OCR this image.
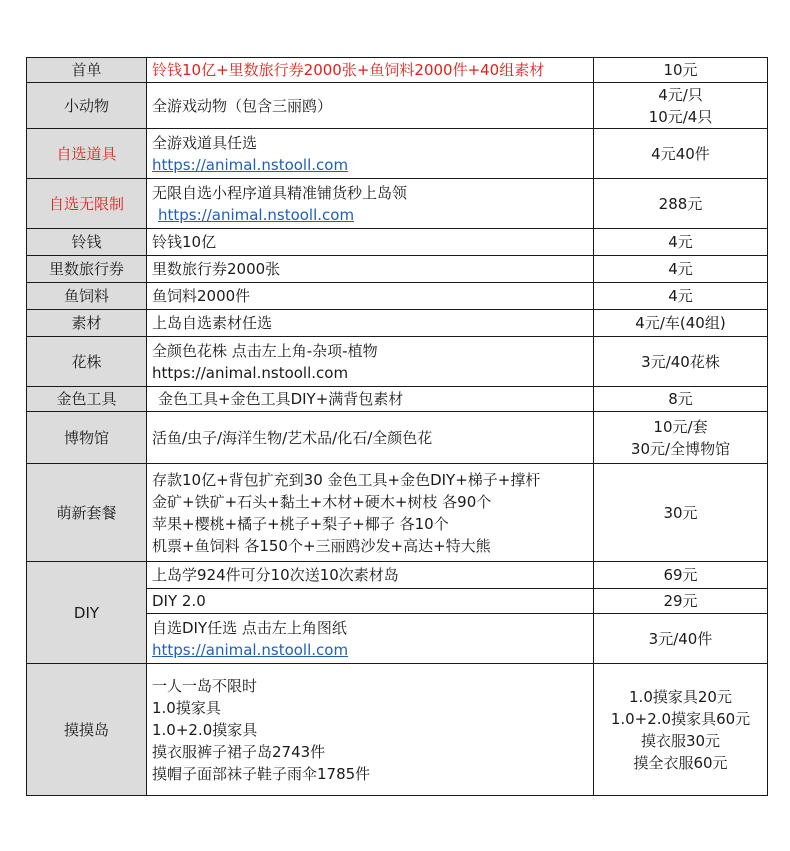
首单	铃钱10亿+里数旅行券2000张+鱼饲料2000件+40组素材	10元

小动物	全游戏动物（包含三丽鸥）	4元/只
10元/4只

自选道具	全游戏道具任选
https://animal.nstooll.com	4元40件

自选无限制	无限自选小程序道具精准铺货秒上岛领
https://animal.nstooll.com	288元

铃钱	铃钱10亿	4元

里数旅行券	里数旅行券2000张	4元

鱼饲料	鱼饲料2000件	4元

素材	上岛自选素材任选	4元/车(40组)

花株	全颜色花株 点击左上角-杂项-植物
https://animal.nstooll.com	3元/40花株

金色工具	金色工具+金色工具DIY+满背包素材	8元

博物馆	活鱼/虫子/海洋生物/艺术品/化石/全颜色花	10元/套
30元/全博物馆

萌新套餐	存款10亿+背包扩充到30 金色工具+金色DIY+梯子+撑杆
金矿+铁矿+石头+黏土+木材+硬木+树枝 各90个
苹果+樱桃+橘子+桃子+梨子+椰子 各10个
机票+鱼饲料 各150个+三丽鸥沙发+高达+特大熊	30元

DIY	上岛学924件可分10次送10次素材岛	69元

	DIY 2.0	29元

	自选DIY任选 点击左上角图纸
https://animal.nstooll.com	3元/40件

摸摸岛	一人一岛不限时
1.0摸家具
1.0+2.0摸家具
摸衣服裤子裙子岛2743件
摸帽子面部袜子鞋子雨伞1785件	1.0摸家具20元
1.0+2.0摸家具60元
摸衣服30元
摸全衣服60元
